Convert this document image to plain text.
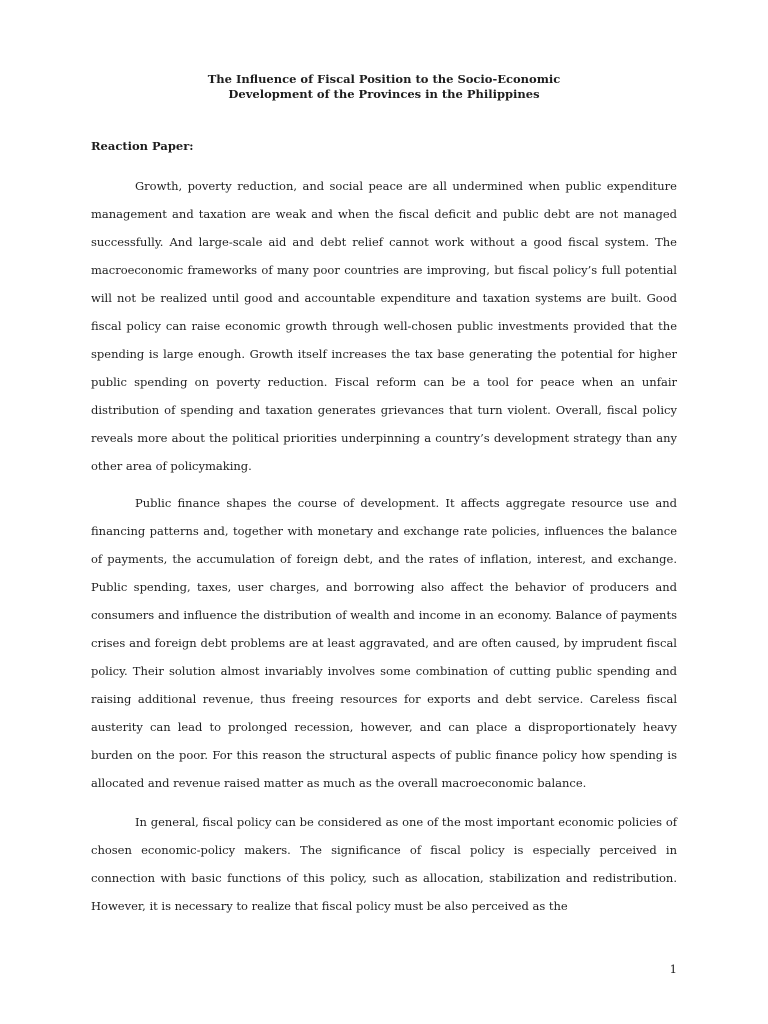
The Influence of Fiscal Position to the Socio-Economic
Development of the Provinces in the Philippines
Reaction Paper:

Growth, poverty reduction, and social peace are all undermined when public expenditure management and taxation are weak and when the fiscal deficit and public debt are not managed successfully. And large-scale aid and debt relief cannot work without a good fiscal system. The macroeconomic frameworks of many poor countries are improving, but fiscal policy’s full potential will not be realized until good and accountable expenditure and taxation systems are built. Good fiscal policy can raise economic growth through well-chosen public investments provided that the spending is large enough. Growth itself increases the tax base generating the potential for higher public spending on poverty reduction. Fiscal reform can be a tool for peace when an unfair distribution of spending and taxation generates grievances that turn violent. Overall, fiscal policy reveals more about the political priorities underpinning a country’s development strategy than any other area of policymaking.

Public finance shapes the course of development. It affects aggregate resource use and financing patterns and, together with monetary and exchange rate policies, influences the balance of payments, the accumulation of foreign debt, and the rates of inflation, interest, and exchange. Public spending, taxes, user charges, and borrowing also affect the behavior of producers and consumers and influence the distribution of wealth and income in an economy. Balance of payments crises and foreign debt problems are at least aggravated, and are often caused, by imprudent fiscal policy. Their solution almost invariably involves some combination of cutting public spending and raising additional revenue, thus freeing resources for exports and debt service. Careless fiscal austerity can lead to prolonged recession, however, and can place a disproportionately heavy burden on the poor. For this reason the structural aspects of public finance policy how spending is allocated and revenue raised matter as much as the overall macroeconomic balance.

In general, fiscal policy can be considered as one of the most important economic policies of chosen economic-policy makers. The significance of fiscal policy is especially perceived in connection with basic functions of this policy, such as allocation, stabilization and redistribution. However, it is necessary to realize that fiscal policy must be also perceived as the

1
